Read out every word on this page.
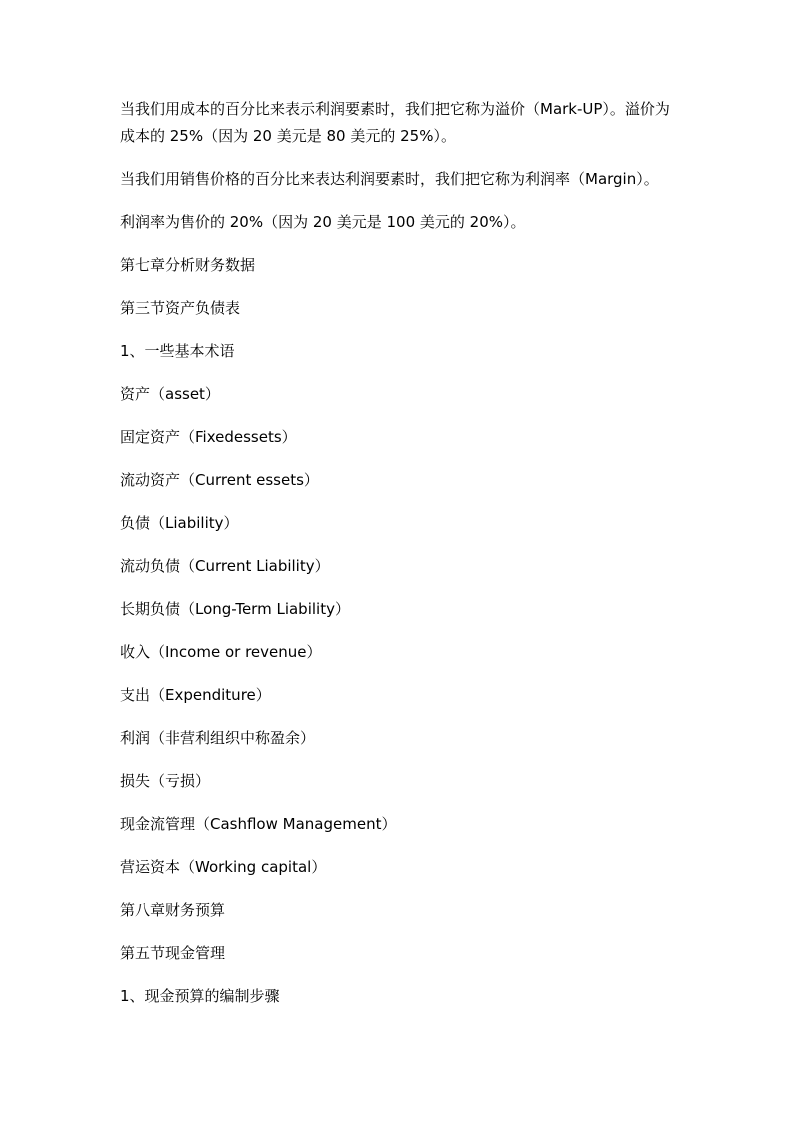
当我们用成本的百分比来表示利润要素时，我们把它称为溢价（Mark-UP）。溢价为成本的 25%（因为 20 美元是 80 美元的 25%）。

当我们用销售价格的百分比来表达利润要素时，我们把它称为利润率（Margin）。

利润率为售价的 20%（因为 20 美元是 100 美元的 20%）。

第七章分析财务数据
第三节资产负债表
1、一些基本术语
资产（asset）
固定资产（Fixedessets）
流动资产（Current essets）
负债（Liability）
流动负债（Current Liability）
长期负债（Long-Term Liability）
收入（Income or revenue）
支出（Expenditure）
利润（非营利组织中称盈余）
损失（亏损）
现金流管理（Cashflow Management）
营运资本（Working capital）
第八章财务预算
第五节现金管理
1、现金预算的编制步骤
